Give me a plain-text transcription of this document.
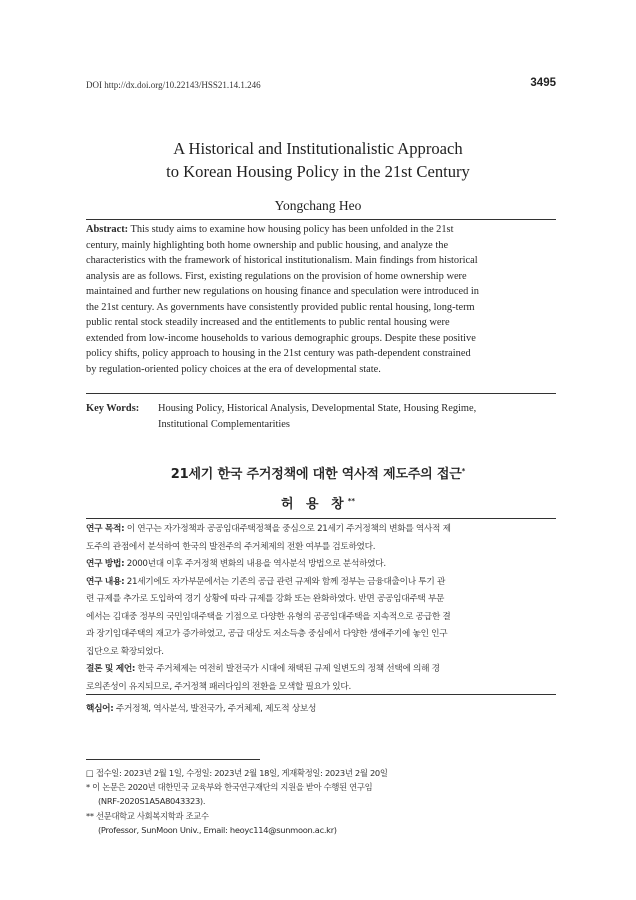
DOI http://dx.doi.org/10.22143/HSS21.14.1.246	3495
A Historical and Institutionalistic Approach
to Korean Housing Policy in the 21st Century
Yongchang Heo
Abstract: This study aims to examine how housing policy has been unfolded in the 21st
century, mainly highlighting both home ownership and public housing, and analyze the
characteristics with the framework of historical institutionalism. Main findings from historical
analysis are as follows. First, existing regulations on the provision of home ownership were
maintained and further new regulations on housing finance and speculation were introduced in
the 21st century. As governments have consistently provided public rental housing, long-term
public rental stock steadily increased and the entitlements to public rental housing were
extended from low-income households to various demographic groups. Despite these positive
policy shifts, policy approach to housing in the 21st century was path-dependent constrained
by regulation-oriented policy choices at the era of developmental state.
Key Words: Housing Policy, Historical Analysis, Developmental State, Housing Regime,
Institutional Complementarities
21세기 한국 주거정책에 대한 역사적 제도주의 접근*
허 용 창**
연구 목적: 이 연구는 자가정책과 공공임대주택정책을 중심으로 21세기 주거정책의 변화를 역사적 제
도주의 관점에서 분석하여 한국의 발전주의 주거체제의 전환 여부를 검토하였다.
연구 방법: 2000년대 이후 주거정책 변화의 내용을 역사분석 방법으로 분석하였다.
연구 내용: 21세기에도 자가부문에서는 기존의 공급 관련 규제와 함께 정부는 금융대출이나 투기 관
련 규제를 추가로 도입하여 경기 상황에 따라 규제를 강화 또는 완화하였다. 반면 공공임대주택 부문
에서는 김대중 정부의 국민임대주택을 기점으로 다양한 유형의 공공임대주택을 지속적으로 공급한 결
과 장기임대주택의 재고가 증가하였고, 공급 대상도 저소득층 중심에서 다양한 생애주기에 놓인 인구
집단으로 확장되었다.
결론 및 제언: 한국 주거체제는 여전히 발전국가 시대에 채택된 규제 일변도의 정책 선택에 의해 경
로의존성이 유지되므로, 주거정책 패러다임의 전환을 모색할 필요가 있다.
핵심어: 주거정책, 역사분석, 발전국가, 주거체제, 제도적 상보성
□ 접수일: 2023년 2월 1일, 수정일: 2023년 2월 18일, 게재확정일: 2023년 2월 20일
* 이 논문은 2020년 대한민국 교육부와 한국연구재단의 지원을 받아 수행된 연구임
(NRF-2020S1A5A8043323).
** 선문대학교 사회복지학과 조교수
(Professor, SunMoon Univ., Email: heoyc114@sunmoon.ac.kr)
